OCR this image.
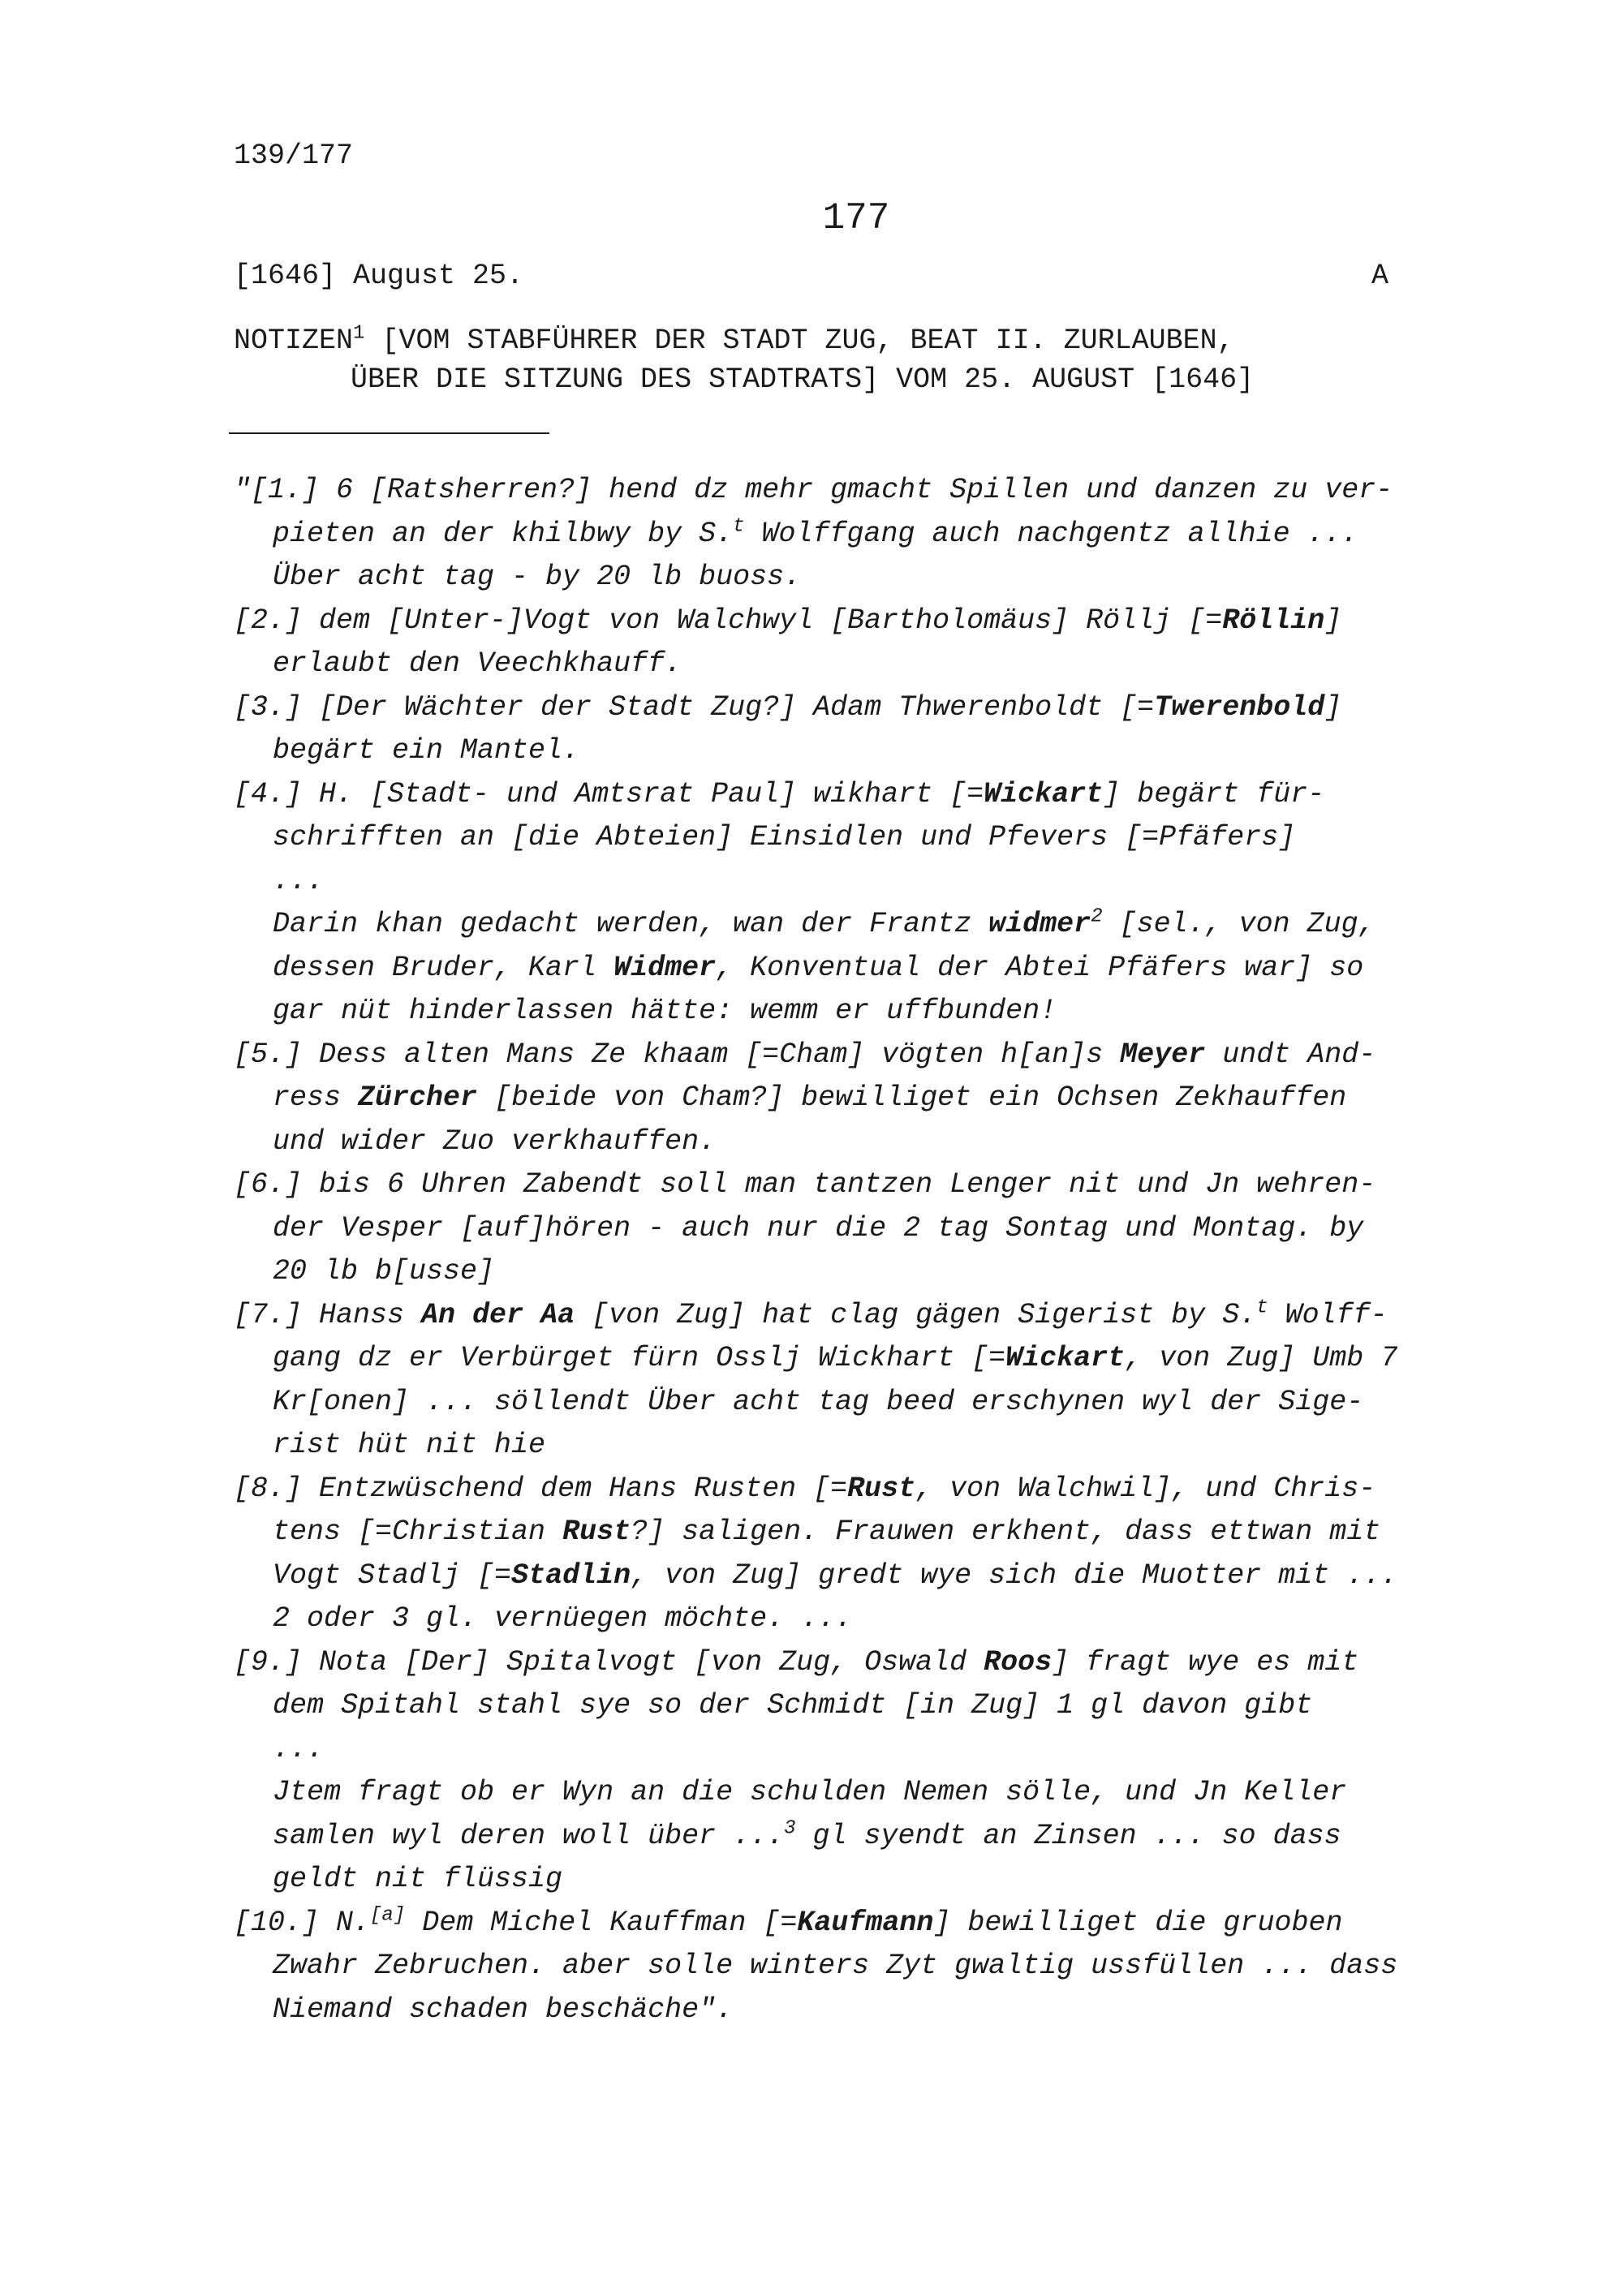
139/177
177
[1646] August 25.	A
NOTIZEN$^1$ [VOM STABFÜHRER DER STADT ZUG, BEAT II. ZURLAUBEN,
ÜBER DIE SITZUNG DES STADTRATS] VOM 25. AUGUST [1646]
"[1.] 6 [Ratsherren?] hend dz mehr gmacht Spillen und danzen zu ver-
pieten an der khilbwy by S.$^t$ Wolffgang auch nachgentz allhie ...
Über acht tag - by 20 lb buoss.
[2.] dem [Unter-]Vogt von Walchwyl [Bartholomäus] Röllj [=Röllin]
erlaubt den Veechkhauff.
[3.] [Der Wächter der Stadt Zug?] Adam Thwerenboldt [=Twerenbold]
begärt ein Mantel.
[4.] H. [Stadt- und Amtsrat Paul] wikhart [=Wickart] begärt für-
schrifften an [die Abteien] Einsidlen und Pfevers [=Pfäfers]
...
Darin khan gedacht werden, wan der Frantz widmer$^2$ [sel., von Zug,
dessen Bruder, Karl Widmer, Konventual der Abtei Pfäfers war] so
gar nüt hinderlassen hätte: wemm er uffbunden!
[5.] Dess alten Mans Ze khaam [=Cham] vögten h[an]s Meyer undt And-
ress Zürcher [beide von Cham?] bewilliget ein Ochsen Zekhauffen
und wider Zuo verkhauffen.
[6.] bis 6 Uhren Zabendt soll man tantzen Lenger nit und Jn wehren-
der Vesper [auf]hören - auch nur die 2 tag Sontag und Montag. by
20 lb b[usse]
[7.] Hanss An der Aa [von Zug] hat clag gägen Sigerist by S.$^t$ Wolff-
gang dz er Verbürget fürn Osslj Wickhart [=Wickart, von Zug] Umb 7
Kr[onen] ... söllendt Über acht tag beed erschynen wyl der Sige-
rist hüt nit hie
[8.] Entzwüschend dem Hans Rusten [=Rust, von Walchwil], und Chris-
tens [=Christian Rust?] saligen. Frauwen erkhent, dass ettwan mit
Vogt Stadlj [=Stadlin, von Zug] gredt wye sich die Muotter mit ...
2 oder 3 gl. vernüegen möchte. ...
[9.] Nota [Der] Spitalvogt [von Zug, Oswald Roos] fragt wye es mit
dem Spitahl stahl sye so der Schmidt [in Zug] 1 gl davon gibt
...
Jtem fragt ob er Wyn an die schulden Nemen sölle, und Jn Keller
samlen wyl deren woll über ...$^3$ gl syendt an Zinsen ... so dass
geldt nit flüssig
[10.] N.[a] Dem Michel Kauffman [=Kaufmann] bewilliget die gruoben
Zwahr Zebruchen. aber solle winters Zyt gwaltig ussfüllen ... dass
Niemand schaden beschäche".
